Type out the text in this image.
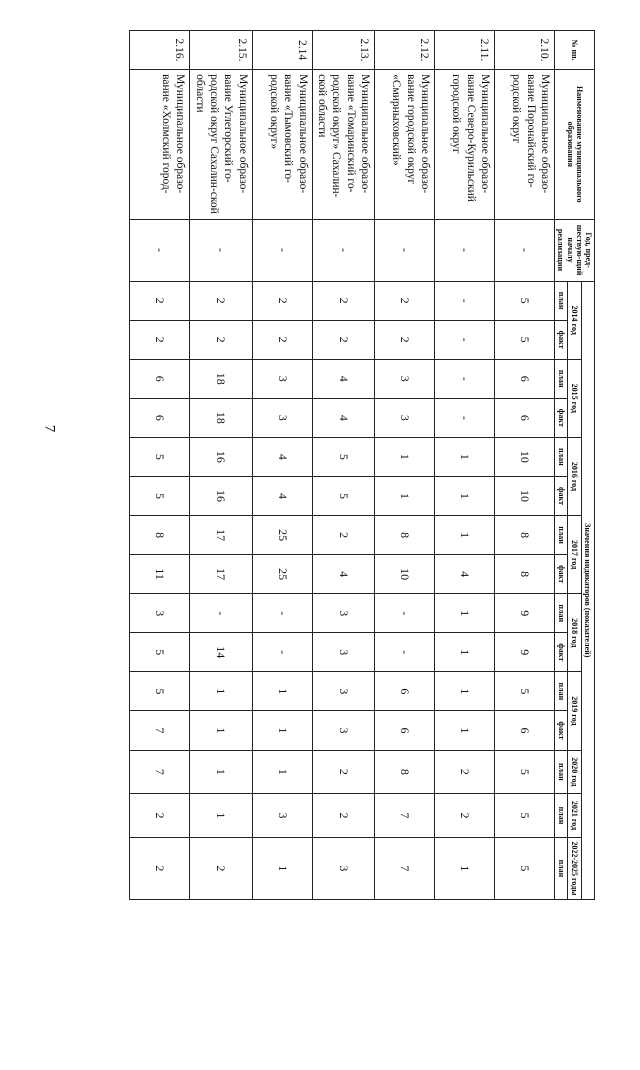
7
№ пп.	Наименование муниципального образования	Год, пред-шествую-щий началу реализации	Значения индикаторов (показателей)														
			2014 год		2015 год		2016 год		2017 год		2018 год		2019 год		2020 год	2021 год	2022-2025 годы
			план	факт	план	факт	план	факт	план	факт	план	факт	план	факт	план	план	план
2.10.	Муниципальное образо-вание Поронайский го-родской округ	-	5	5	6	6	10	10	8	8	9	9	5	6	5	5	5
2.11.	Муниципальное образо-вание Северо-Курильский городской округ	-	-	-	-	-	1	1	1	4	1	1	1	1	2	2	1
2.12.	Муниципальное образо-вание городской округ «Смирныховский»	-	2	2	3	3	1	1	8	10	-	-	6	6	8	7	7
2.13.	Муниципальное образо-вание «Томаринский го-родской округ» Сахалин-ской области	-	2	2	4	4	5	5	2	4	3	3	3	3	2	2	3
2.14	Муниципальное образо-вание «Тымовский го-родской округ»	-	2	2	3	3	4	4	25	25	-	-	1	1	1	3	1
2.15.	Муниципальное образо-вание Углегорский го-родской округ Сахалин-ской области	-	2	2	18	18	16	16	17	17	-	14	1	1	1	1	2
2.16.	Муниципальное образо-вание «Холмский город-	-	2	2	6	6	5	5	8	11	3	5	5	7	7	2	2
